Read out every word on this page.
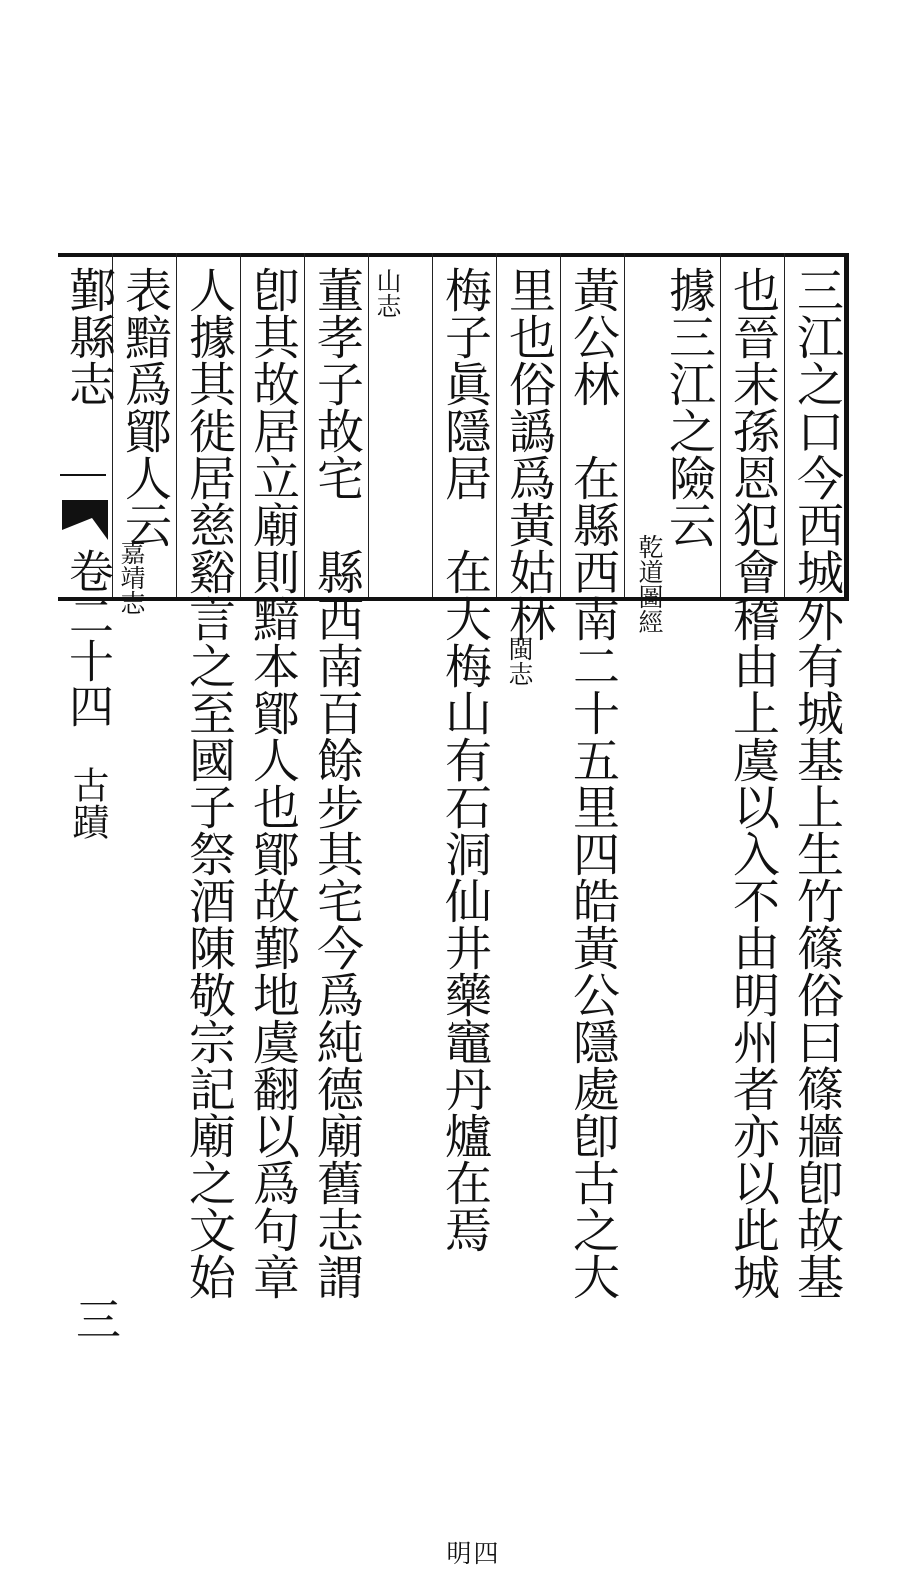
三江之口今西城外有城基上生竹篠俗曰篠牆卽故基
也晉末孫恩犯會稽由上虞以入不由明州者亦以此城
據三江之險云
乾道圖經
黃公林　在縣西南二十五里四皓黃公隱處卽古之大
里也俗譌爲黃姑林
閩志
梅子眞隱居　在大梅山有石洞仙井藥竈丹爐在焉
四明
山志
董孝子故宅　縣西南百餘步其宅今爲純德廟舊志謂
卽其故居立廟則黯本鄮人也鄮故鄞地虞翻以爲句章
人據其徙居慈谿言之至國子祭酒陳敬宗記廟之文始
表黯爲鄮人云
嘉靖志
鄞縣志
卷二十四
古蹟
三
